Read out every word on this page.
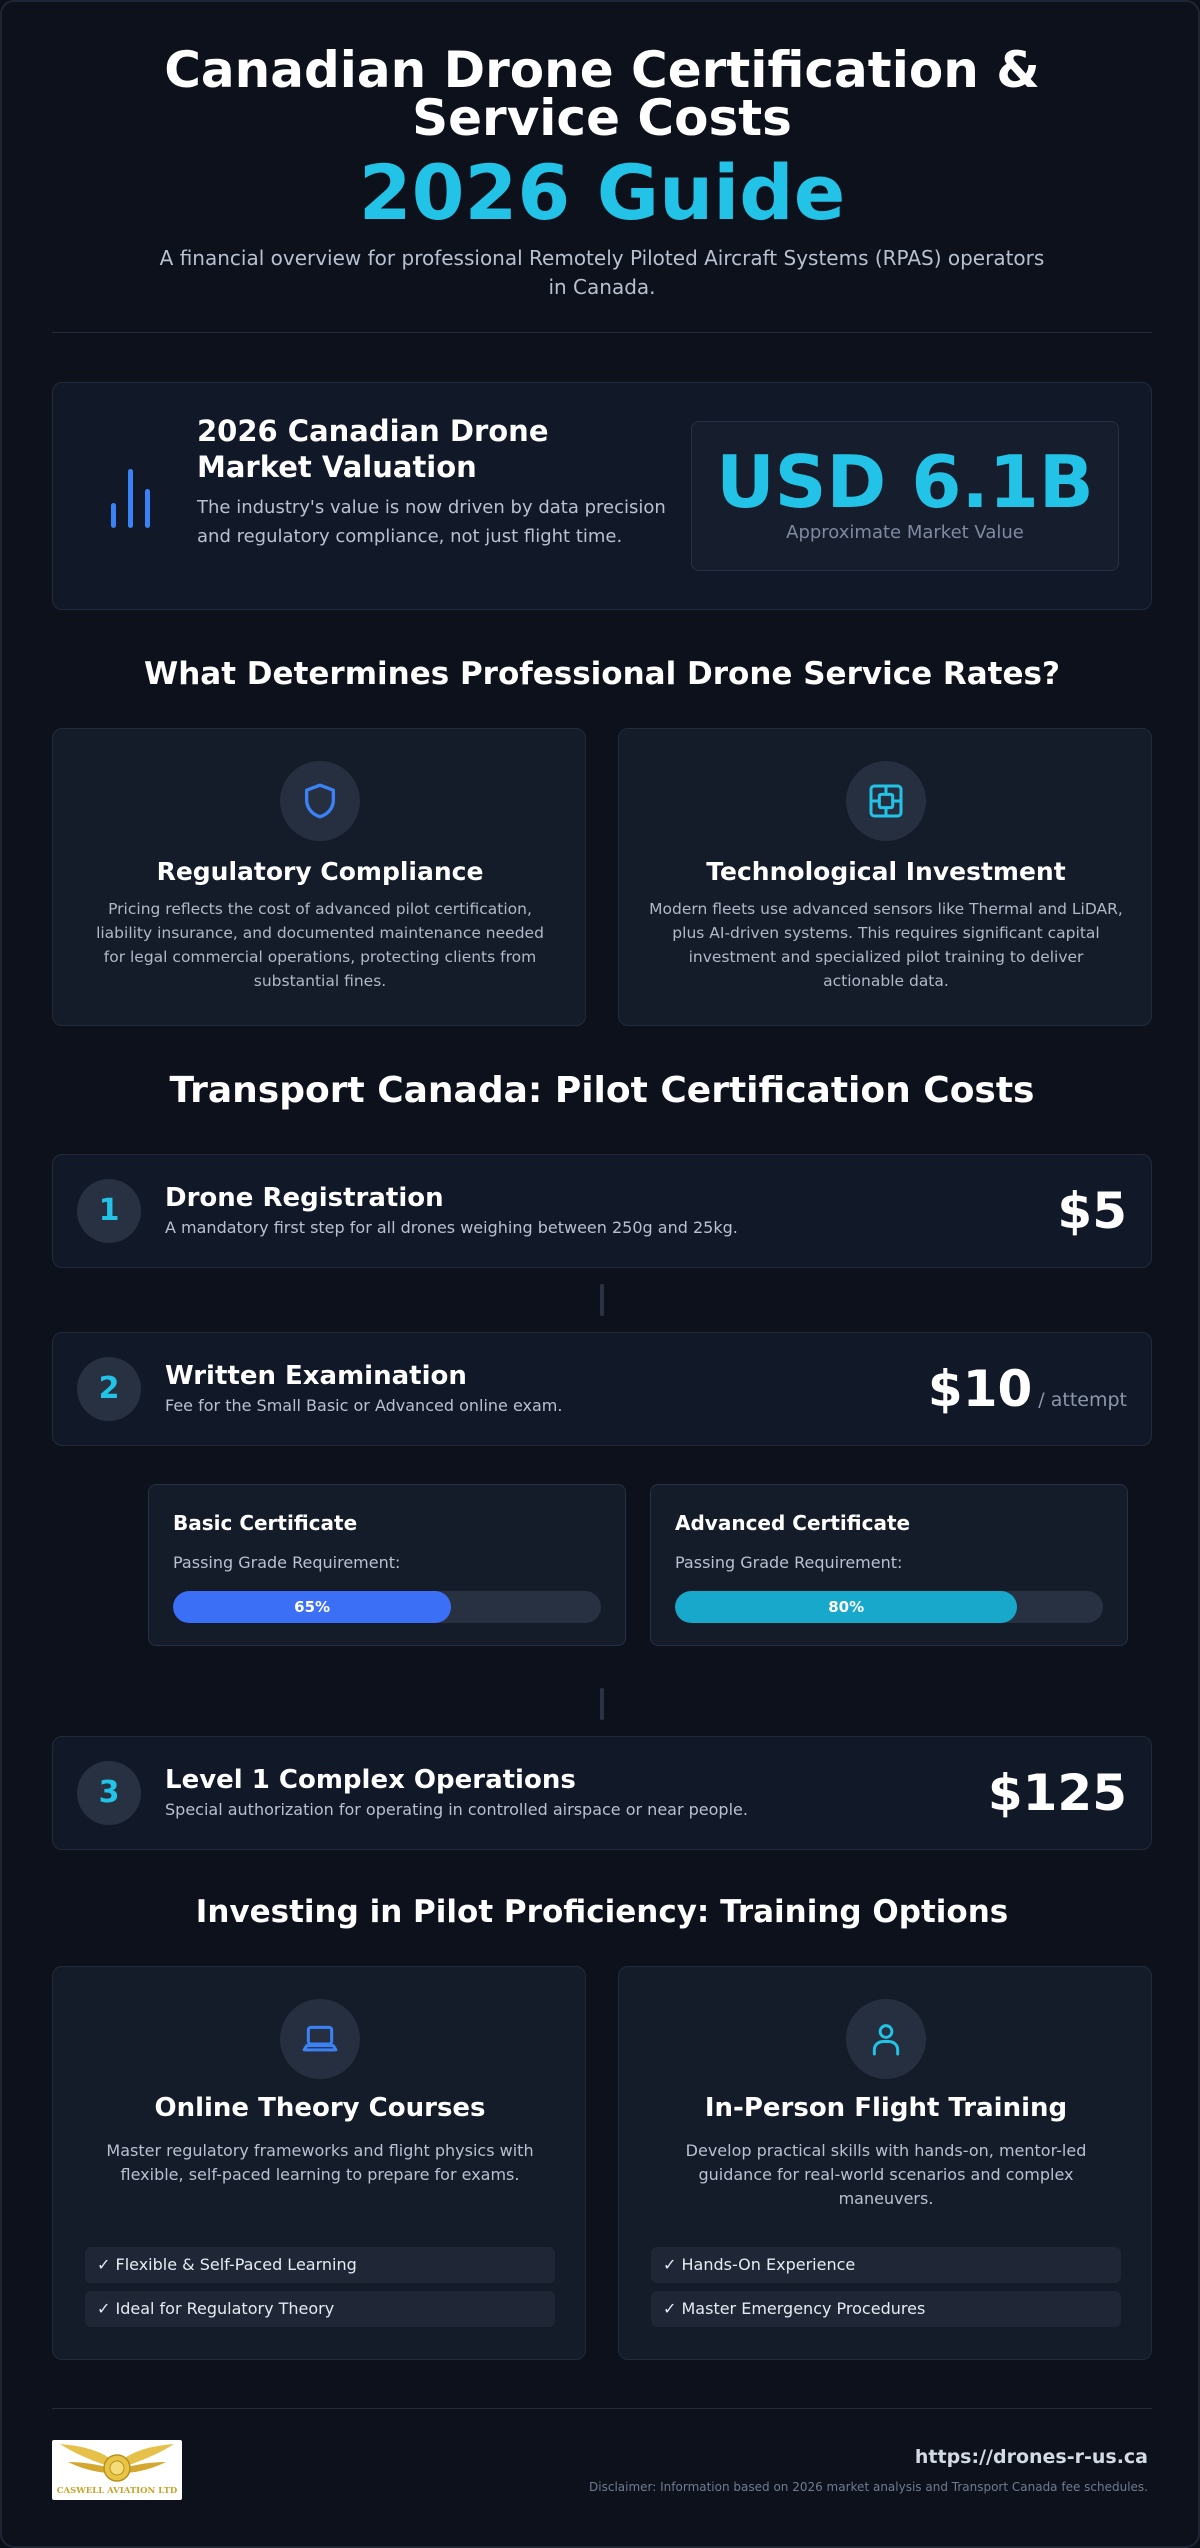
Canadian Drone Certification & Service Costs
2026 Guide
A financial overview for professional Remotely Piloted Aircraft Systems (RPAS) operators in Canada.
2026 Canadian Drone Market Valuation
The industry's value is now driven by data precision and regulatory compliance, not just flight time.
USD 6.1B
Approximate Market Value
What Determines Professional Drone Service Rates?
Regulatory Compliance
Pricing reflects the cost of advanced pilot certification, liability insurance, and documented maintenance needed for legal commercial operations, protecting clients from substantial fines.
Technological Investment
Modern fleets use advanced sensors like Thermal and LiDAR, plus AI-driven systems. This requires significant capital investment and specialized pilot training to deliver actionable data.
Transport Canada: Pilot Certification Costs
1	Drone Registration
A mandatory first step for all drones weighing between 250g and 25kg.	$5
2	Written Examination
Fee for the Small Basic or Advanced online exam.	$10 / attempt
Basic Certificate
Passing Grade Requirement:
65%
Advanced Certificate
Passing Grade Requirement:
80%
3	Level 1 Complex Operations
Special authorization for operating in controlled airspace or near people.	$125
Investing in Pilot Proficiency: Training Options
Online Theory Courses
Master regulatory frameworks and flight physics with flexible, self-paced learning to prepare for exams.
✓ Flexible & Self-Paced Learning
✓ Ideal for Regulatory Theory
In-Person Flight Training
Develop practical skills with hands-on, mentor-led guidance for real-world scenarios and complex maneuvers.
✓ Hands-On Experience
✓ Master Emergency Procedures
CASWELL AVIATION LTD
https://drones-r-us.ca
Disclaimer: Information based on 2026 market analysis and Transport Canada fee schedules.
